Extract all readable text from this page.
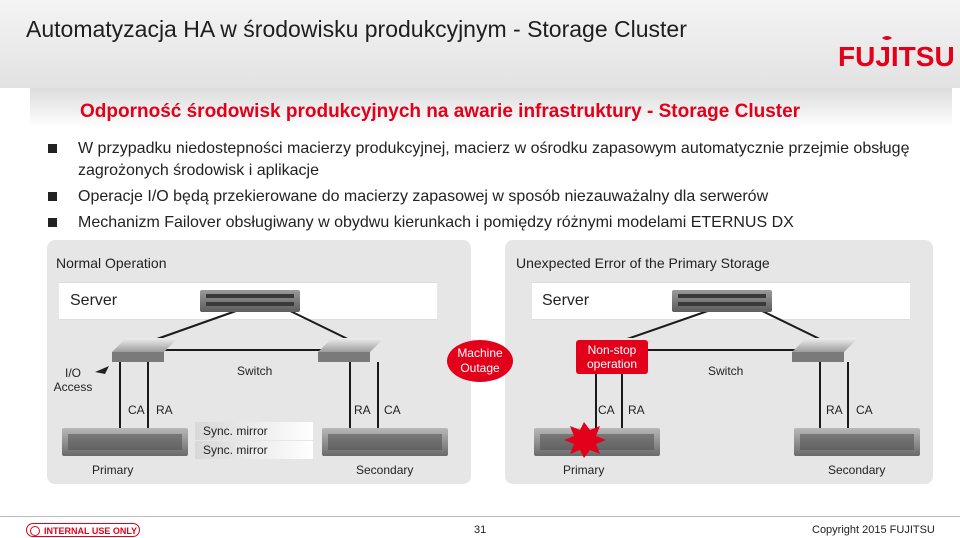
Automatyzacja HA w środowisku produkcyjnym - Storage Cluster
FUJITSU
Odporność środowisk produkcyjnych na awarie infrastruktury - Storage Cluster
W przypadku niedostepności macierzy produkcyjnej, macierz w ośrodku zapasowym automatycznie przejmie obsługę zagrożonych środowisk i aplikacje
Operacje I/O będą przekierowane do macierzy zapasowej w sposób niezauważalny dla serwerów
Mechanizm Failover obsługiwany w obydwu kierunkach i pomiędzy różnymi modelami ETERNUS DX
Normal Operation
Server
Unexpected Error of the Primary Storage
Server
I/O
Access
Switch
CA RA	RA CA
Sync. mirror
Sync. mirror
Primary	Secondary
Machine
Outage
Non-stop
operation	Switch
CA RA	RA CA
Primary	Secondary
INTERNAL USE ONLY	31	Copyright 2015 FUJITSU
